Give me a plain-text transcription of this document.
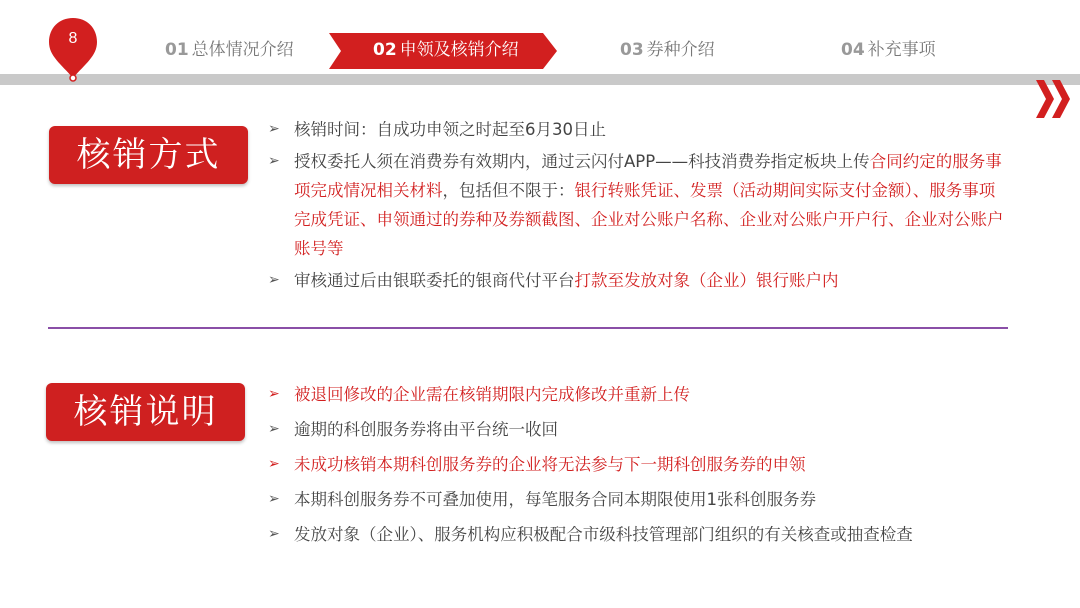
8
01 总体情况介绍	02 申领及核销介绍	03 券种介绍	04 补充事项
核销方式
➢ 核销时间：自成功申领之时起至6月30日止
➢ 授权委托人须在消费券有效期内，通过云闪付APP——科技消费券指定板块上传合同约定的服务事项完成情况相关材料，包括但不限于：银行转账凭证、发票（活动期间实际支付金额）、服务事项完成凭证、申领通过的券种及券额截图、企业对公账户名称、企业对公账户开户行、企业对公账户账号等
➢ 审核通过后由银联委托的银商代付平台打款至发放对象（企业）银行账户内
核销说明	➢ 被退回修改的企业需在核销期限内完成修改并重新上传
➢ 逾期的科创服务券将由平台统一收回
➢ 未成功核销本期科创服务券的企业将无法参与下一期科创服务券的申领
➢ 本期科创服务券不可叠加使用，每笔服务合同本期限使用1张科创服务券
➢ 发放对象（企业）、服务机构应积极配合市级科技管理部门组织的有关核查或抽查检查
